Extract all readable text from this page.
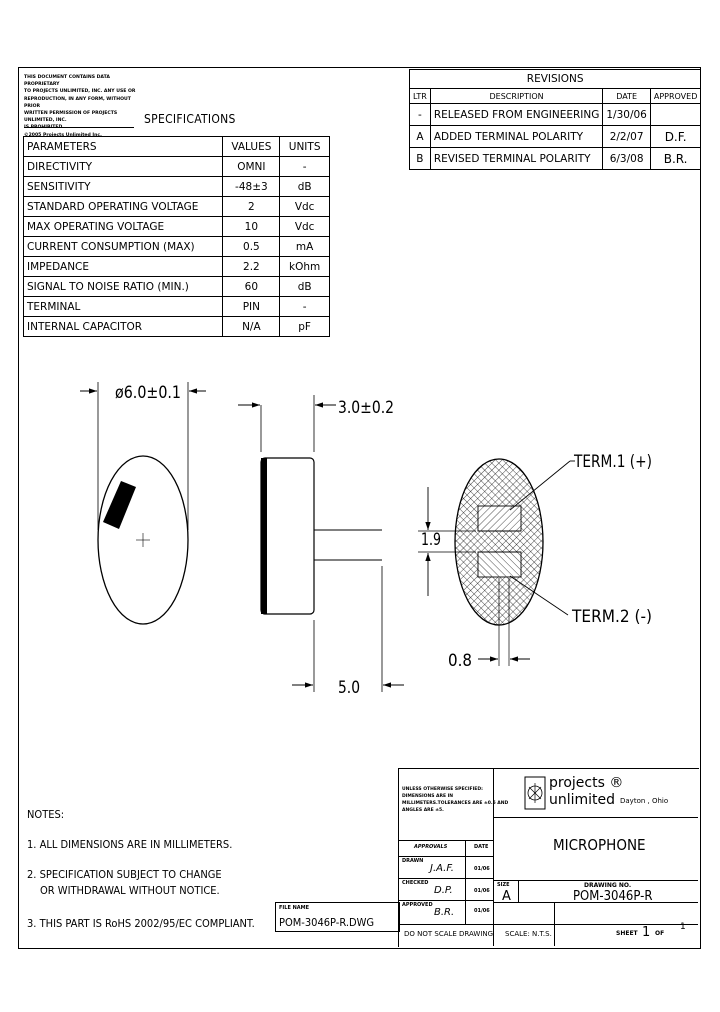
THIS DOCUMENT CONTAINS DATA PROPRIETARY
TO PROJECTS UNLIMITED, INC. ANY USE OR
REPRODUCTION, IN ANY FORM, WITHOUT PRIOR
WRITTEN PERMISSION OF PROJECTS UNLIMITED, INC.
IS PROHIBITED.
©2005 Projects Unlimited Inc.
SPECIFICATIONS
PARAMETERS	VALUES	UNITS
DIRECTIVITY	OMNI	-
SENSITIVITY	-48±3	dB
STANDARD OPERATING VOLTAGE	2	Vdc
MAX OPERATING VOLTAGE	10	Vdc
CURRENT CONSUMPTION (MAX)	0.5	mA
IMPEDANCE	2.2	kOhm
SIGNAL TO NOISE RATIO (MIN.)	60	dB
TERMINAL	PIN	-
INTERNAL CAPACITOR	N/A	pF
REVISIONS			
LTR	DESCRIPTION	DATE	APPROVED
-	RELEASED FROM ENGINEERING	1/30/06	
A	ADDED TERMINAL POLARITY	2/2/07	D.F.
B	REVISED TERMINAL POLARITY	6/3/08	B.R.
ø6.0±0.1
3.0±0.2
5.0
1.9
0.8
TERM.1 (+)
TERM.2 (-)
NOTES:
1. ALL DIMENSIONS ARE IN MILLIMETERS.
2. SPECIFICATION SUBJECT TO CHANGE
OR WITHDRAWAL WITHOUT NOTICE.
3. THIS PART IS RoHS 2002/95/EC COMPLIANT.
FILE NAME
POM-3046P-R.DWG
UNLESS OTHERWISE SPECIFIED:
DIMENSIONS ARE IN
MILLIMETERS.TOLERANCES ARE ±0.5 AND
ANGLES ARE ±5.
APPROVALS	DATE
DRAWN
J.A.F.	01/06
CHECKED
D.P.	01/06
APPROVED
B.R.	01/06
DO NOT SCALE DRAWING SCALE: N.T.S.	SHEET 1 OF
1
projects ®
unlimited Dayton , Ohio
MICROPHONE
SIZE
A
DRAWING NO.
POM-3046P-R
